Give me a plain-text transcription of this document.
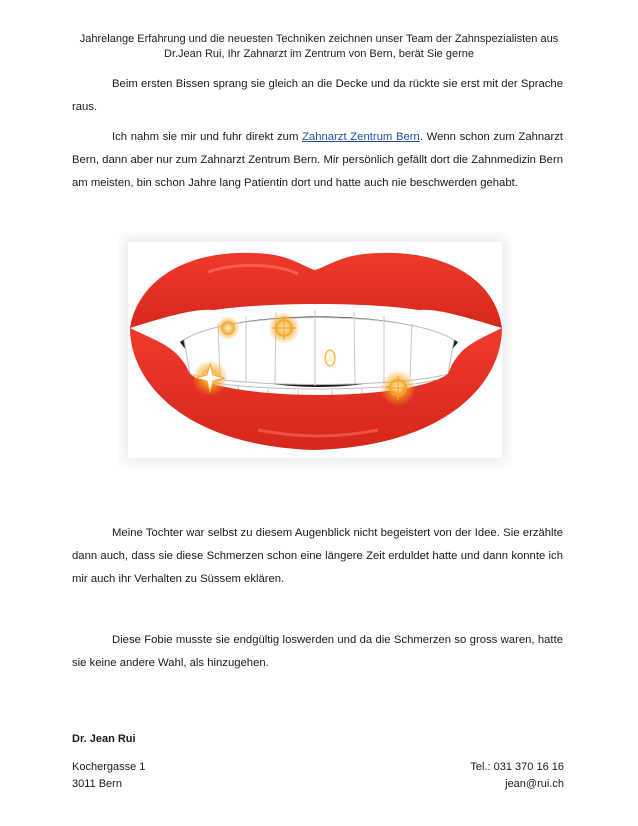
Jahrelange Erfahrung und die neuesten Techniken zeichnen unser Team der Zahnspezialisten aus
Dr.Jean Rui, Ihr Zahnarzt im Zentrum von Bern, berät Sie gerne
Beim ersten Bissen sprang sie gleich an die Decke und da rückte sie erst mit der Sprache raus.
Ich nahm sie mir und fuhr direkt zum Zahnarzt Zentrum Bern. Wenn schon zum Zahnarzt Bern, dann aber nur zum Zahnarzt Zentrum Bern. Mir persönlich gefällt dort die Zahnmedizin Bern am meisten, bin schon Jahre lang Patientin dort und hatte auch nie beschwerden gehabt.
Meine Tochter war selbst zu diesem Augenblick nicht begeistert von der Idee. Sie erzählte dann auch, dass sie diese Schmerzen schon eine längere Zeit erduldet hatte und dann konnte ich mir auch ihr Verhalten zu Süssem eklären.
Diese Fobie musste sie endgültig loswerden und da die Schmerzen so gross waren, hatte sie keine andere Wahl, als hinzugehen.
Dr. Jean Rui
Kochergasse 1
3011 Bern
Tel.: 031 370 16 16
jean@rui.ch
